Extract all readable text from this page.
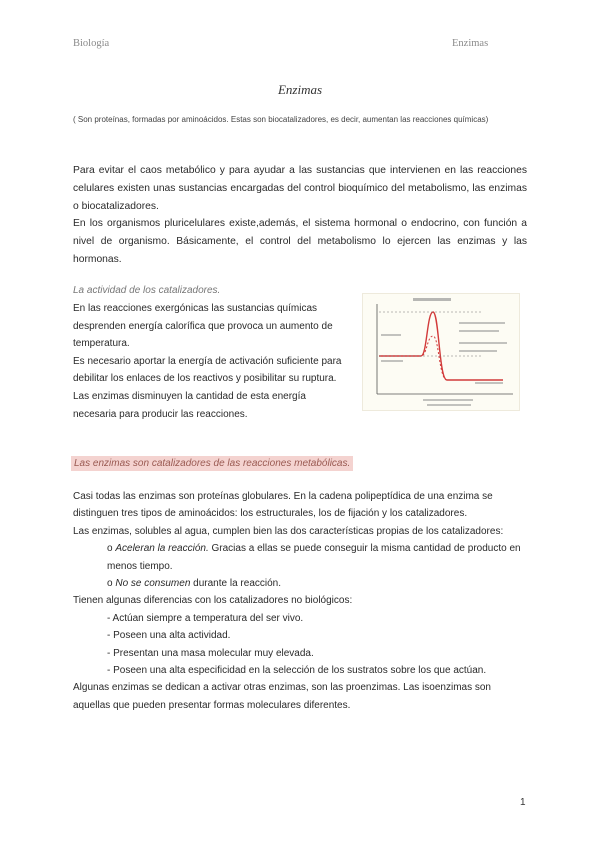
Biología	Enzimas
Enzimas
( Son proteínas, formadas por aminoácidos. Estas son biocatalizadores, es decir, aumentan las reacciones químicas)
Para evitar el caos metabólico y para ayudar a las sustancias que intervienen en las reacciones celulares existen unas sustancias encargadas del control bioquímico del metabolismo, las enzimas o biocatalizadores.
En los organismos pluricelulares existe,además, el sistema hormonal o endocrino, con función a nivel de organismo. Básicamente, el control del metabolismo lo ejercen las enzimas y las hormonas.
La actividad de los catalizadores.
En las reacciones exergónicas las sustancias químicas desprenden energía calorífica que provoca un aumento de temperatura.
Es necesario aportar la energía de activación suficiente para debilitar los enlaces de los reactivos y posibilitar su ruptura. Las enzimas disminuyen la cantidad de esta energía necesaria para producir las reacciones.
Las enzimas son catalizadores de las reacciones metabólicas.

Casi todas las enzimas son proteínas globulares. En la cadena polipeptídica de una enzima se distinguen tres tipos de aminoácidos: los estructurales, los de fijación y los catalizadores.

Las enzimas, solubles al agua, cumplen bien las dos características propias de los catalizadores:

o Aceleran la reacción. Gracias a ellas se puede conseguir la misma cantidad de producto en menos tiempo.

o No se consumen durante la reacción.

Tienen algunas diferencias con los catalizadores no biológicos:

- Actúan siempre a temperatura del ser vivo.

- Poseen una alta actividad.

- Presentan una masa molecular muy elevada.

- Poseen una alta especificidad en la selección de los sustratos sobre los que actúan.

Algunas enzimas se dedican a activar otras enzimas, son las proenzimas. Las isoenzimas son aquellas que pueden presentar formas moleculares diferentes.

1
